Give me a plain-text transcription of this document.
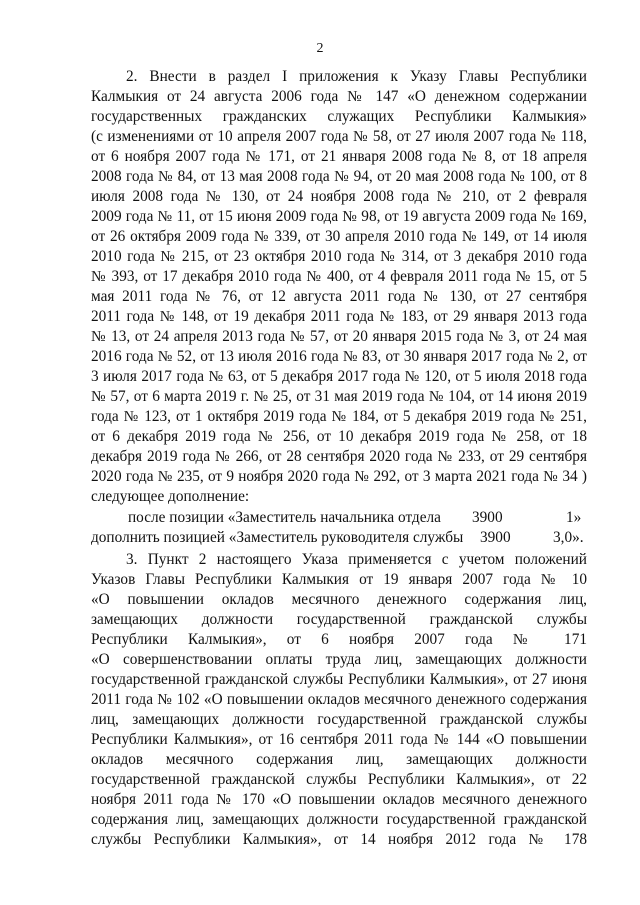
2
2. Внести в раздел I приложения к Указу Главы Республики
Калмыкия от 24 августа 2006 года № 147 «О денежном содержании
государственных гражданских служащих Республики Калмыкия»
(с изменениями от 10 апреля 2007 года № 58, от 27 июля 2007 года № 118,
от 6 ноября 2007 года № 171, от 21 января 2008 года № 8, от 18 апреля
2008 года № 84, от 13 мая 2008 года № 94, от 20 мая 2008 года № 100, от 8
июля 2008 года № 130, от 24 ноября 2008 года № 210, от 2 февраля
2009 года № 11, от 15 июня 2009 года № 98, от 19 августа 2009 года № 169,
от 26 октября 2009 года № 339, от 30 апреля 2010 года № 149, от 14 июля
2010 года № 215, от 23 октября 2010 года № 314, от 3 декабря 2010 года
№ 393, от 17 декабря 2010 года № 400, от 4 февраля 2011 года № 15, от 5
мая 2011 года № 76, от 12 августа 2011 года № 130, от 27 сентября
2011 года № 148, от 19 декабря 2011 года № 183, от 29 января 2013 года
№ 13, от 24 апреля 2013 года № 57, от 20 января 2015 года № 3, от 24 мая
2016 года № 52, от 13 июля 2016 года № 83, от 30 января 2017 года № 2, от
3 июля 2017 года № 63, от 5 декабря 2017 года № 120, от 5 июля 2018 года
№ 57, от 6 марта 2019 г. № 25, от 31 мая 2019 года № 104, от 14 июня 2019
года № 123, от 1 октября 2019 года № 184, от 5 декабря 2019 года № 251,
от 6 декабря 2019 года № 256, от 10 декабря 2019 года № 258, от 18
декабря 2019 года № 266, от 28 сентября 2020 года № 233, от 29 сентября
2020 года № 235, от 9 ноября 2020 года № 292, от 3 марта 2021 года № 34 )
следующее дополнение:
после позиции «Заместитель начальника отдела 3900	1»
дополнить позицией «Заместитель руководителя службы 3900	3,0».
3. Пункт 2 настоящего Указа применяется с учетом положений
Указов Главы Республики Калмыкия от 19 января 2007 года № 10
«О повышении окладов месячного денежного содержания лиц,
замещающих должности государственной гражданской службы
Республики Калмыкия», от 6 ноября 2007 года № 171
«О совершенствовании оплаты труда лиц, замещающих должности
государственной гражданской службы Республики Калмыкия», от 27 июня
2011 года № 102 «О повышении окладов месячного денежного содержания
лиц, замещающих должности государственной гражданской службы
Республики Калмыкия», от 16 сентября 2011 года № 144 «О повышении
окладов месячного содержания лиц, замещающих должности
государственной гражданской службы Республики Калмыкия», от 22
ноября 2011 года № 170 «О повышении окладов месячного денежного
содержания лиц, замещающих должности государственной гражданской
службы Республики Калмыкия», от 14 ноября 2012 года № 178
